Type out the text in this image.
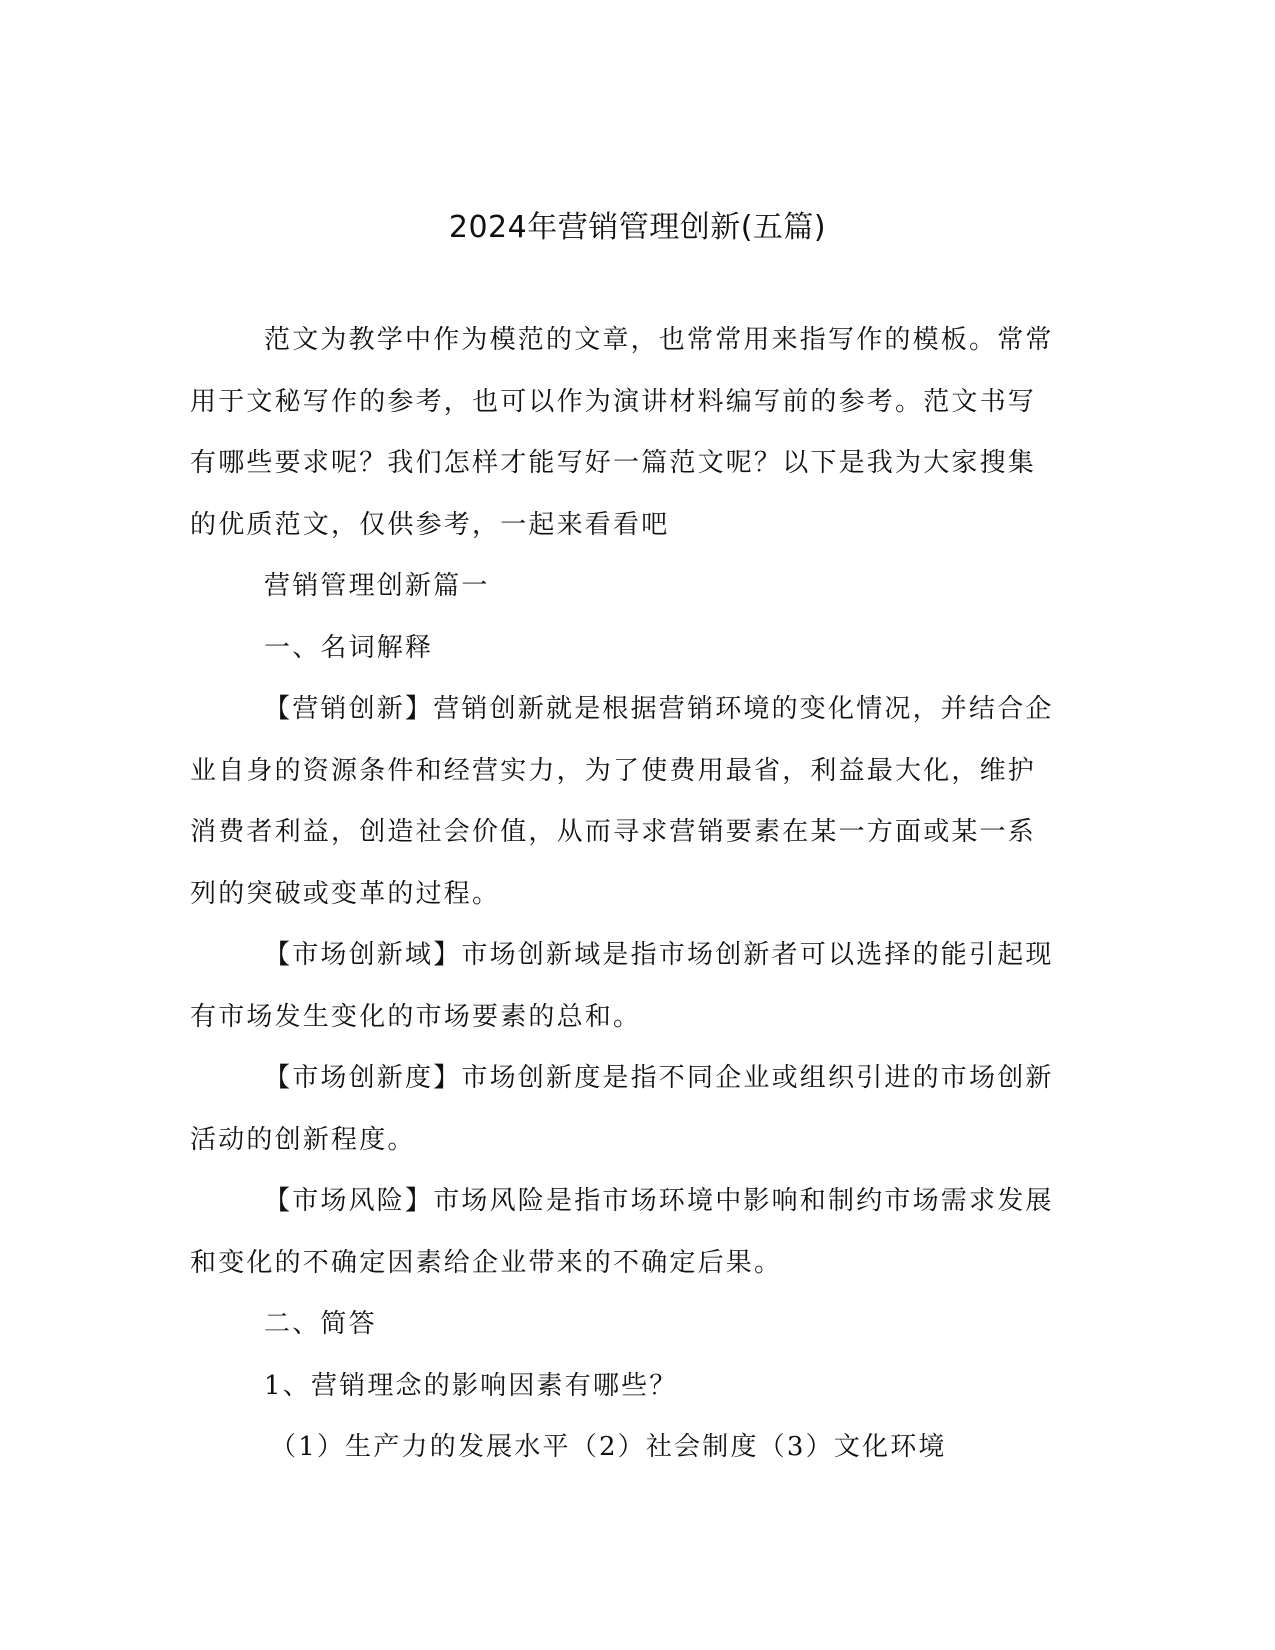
2024年营销管理创新(五篇)
范文为教学中作为模范的文章，也常常用来指写作的模板。常常
用于文秘写作的参考，也可以作为演讲材料编写前的参考。范文书写
有哪些要求呢？我们怎样才能写好一篇范文呢？以下是我为大家搜集
的优质范文，仅供参考，一起来看看吧
营销管理创新篇一
一、名词解释
【营销创新】营销创新就是根据营销环境的变化情况，并结合企
业自身的资源条件和经营实力，为了使费用最省，利益最大化，维护
消费者利益，创造社会价值，从而寻求营销要素在某一方面或某一系
列的突破或变革的过程。
【市场创新域】市场创新域是指市场创新者可以选择的能引起现
有市场发生变化的市场要素的总和。
【市场创新度】市场创新度是指不同企业或组织引进的市场创新
活动的创新程度。
【市场风险】市场风险是指市场环境中影响和制约市场需求发展
和变化的不确定因素给企业带来的不确定后果。
二、简答
1、营销理念的影响因素有哪些？
（1）生产力的发展水平（2）社会制度（3）文化环境
